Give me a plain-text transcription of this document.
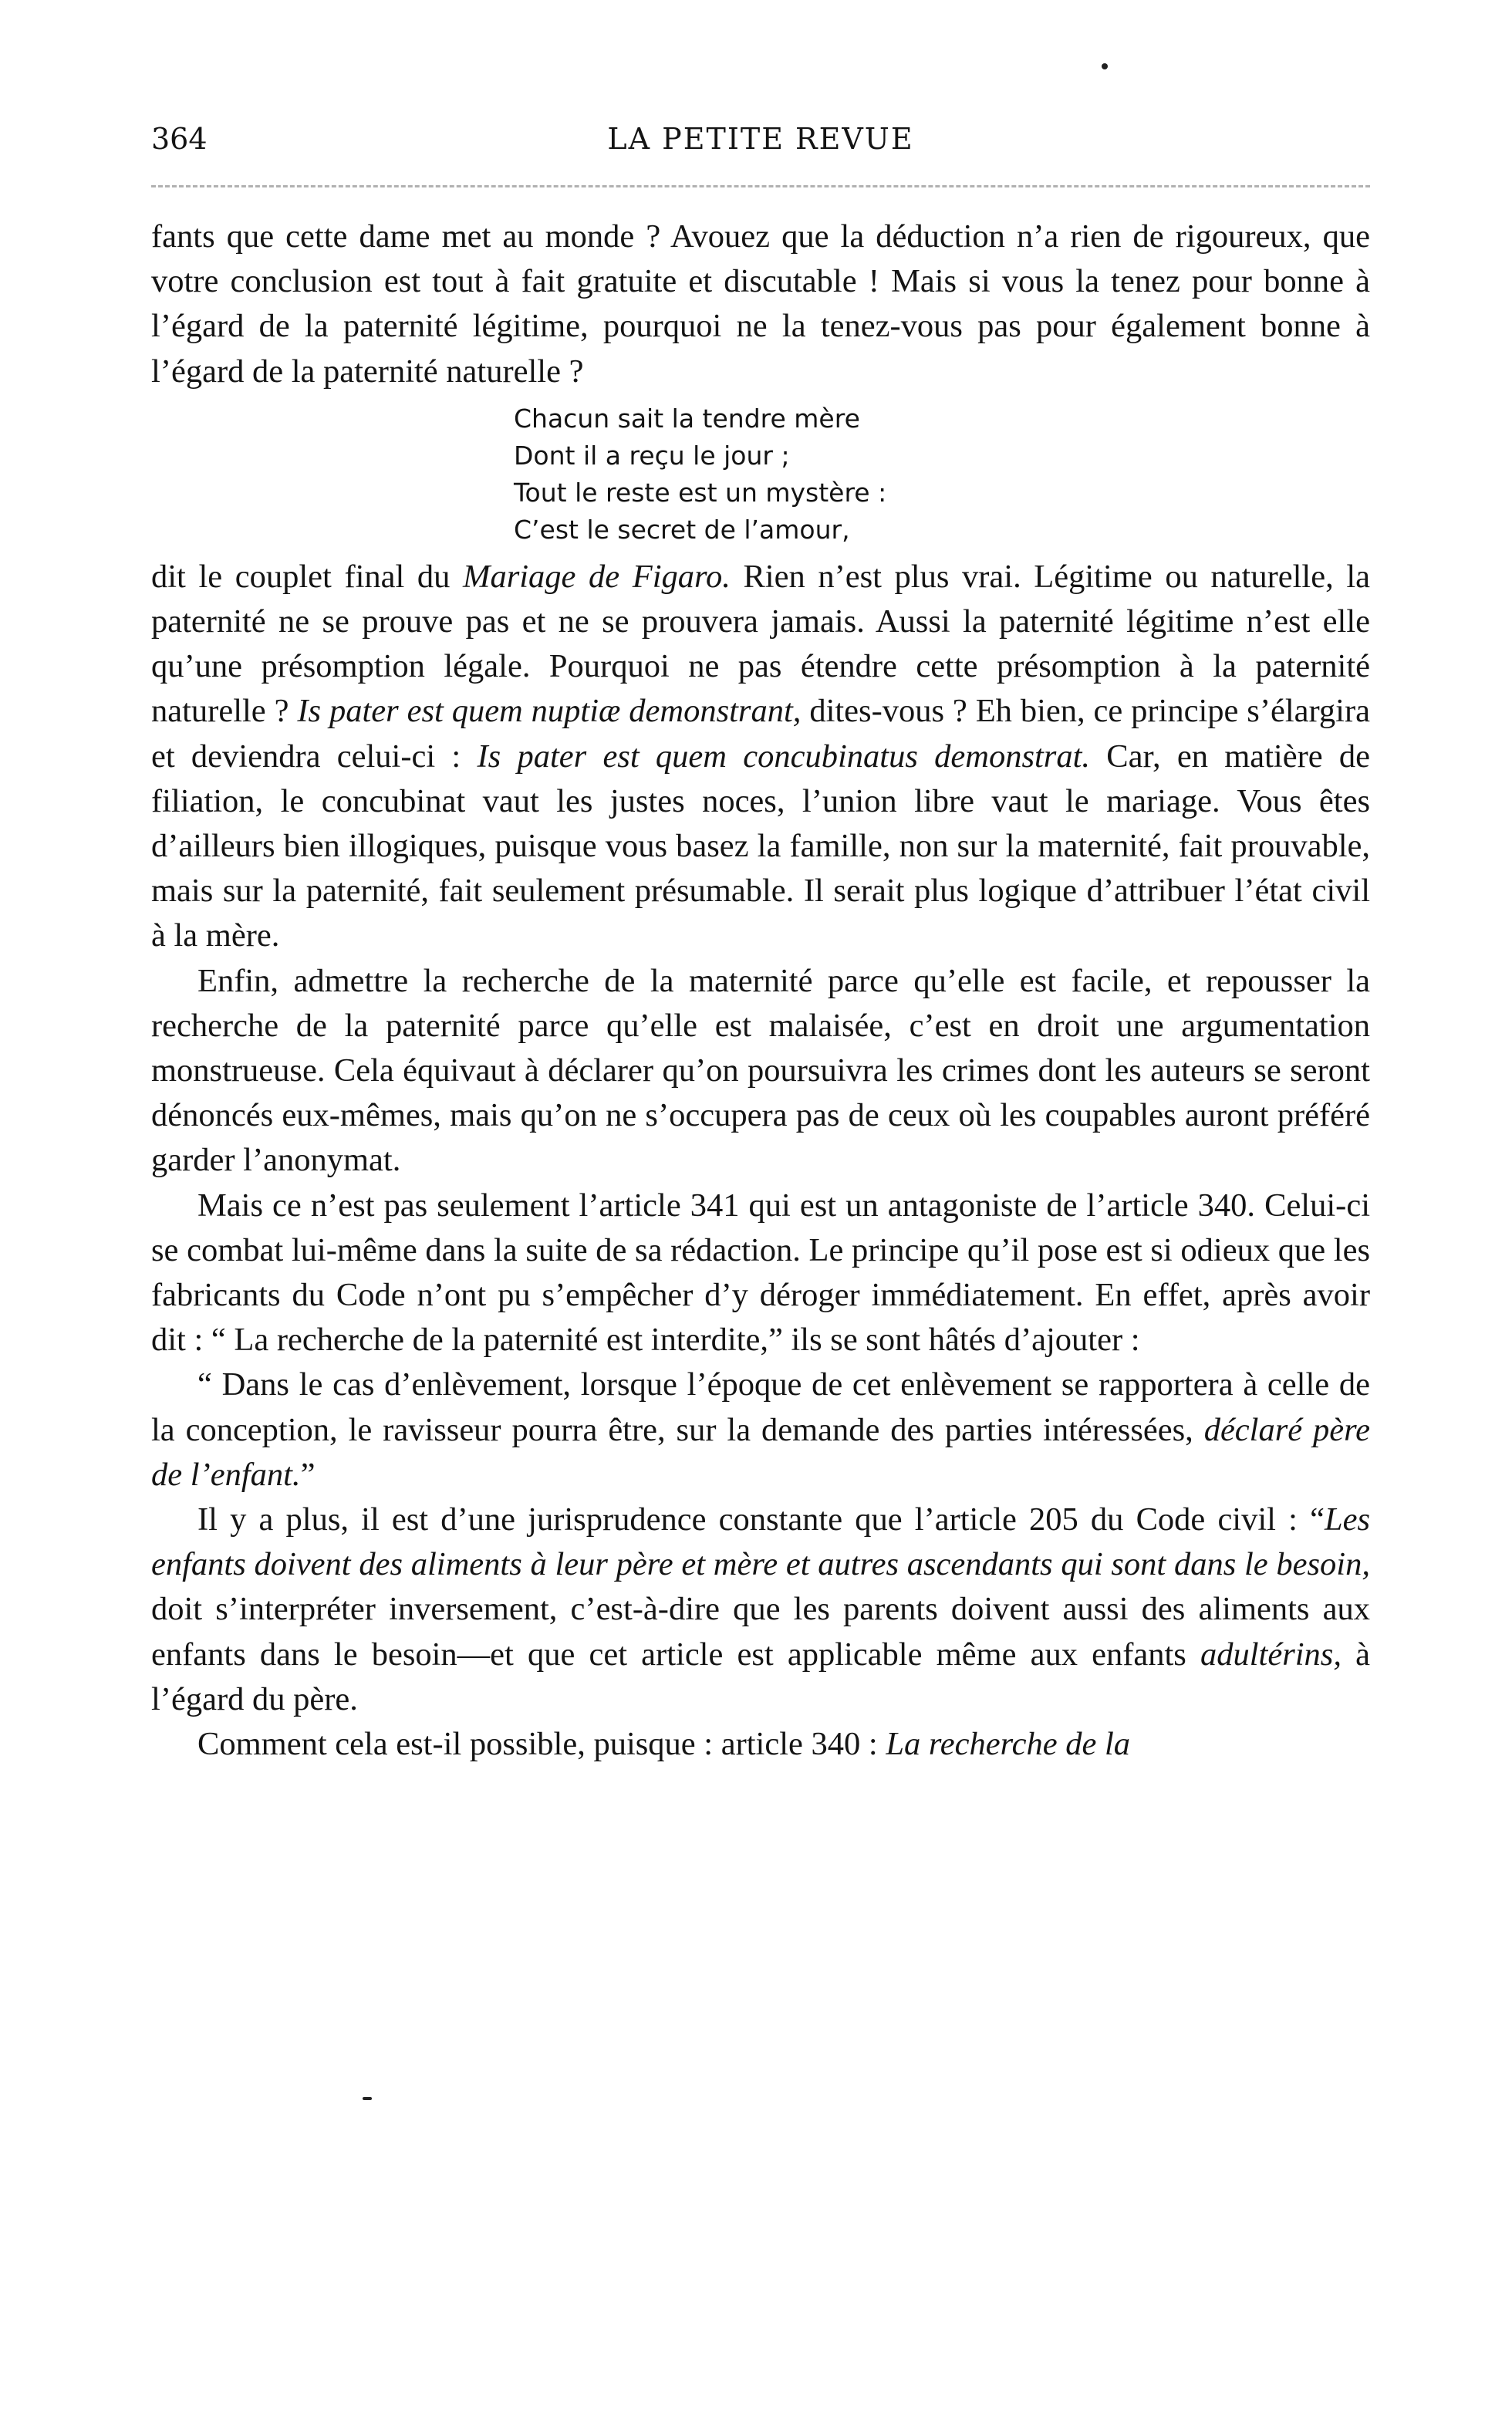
364	LA PETITE REVUE

fants que cette dame met au monde ? Avouez que la déduction n’a rien de rigoureux, que votre conclusion est tout à fait gratuite et discutable ! Mais si vous la tenez pour bonne à l’égard de la paternité légitime, pourquoi ne la tenez-vous pas pour également bonne à l’égard de la paternité naturelle ?

Chacun sait la tendre mère
Dont il a reçu le jour ;
Tout le reste est un mystère :
C’est le secret de l’amour,

dit le couplet final du Mariage de Figaro. Rien n’est plus vrai. Légitime ou naturelle, la paternité ne se prouve pas et ne se prouvera jamais. Aussi la paternité légitime n’est elle qu’une présomption légale. Pourquoi ne pas étendre cette présomption à la paternité naturelle ? Is pater est quem nuptiæ demonstrant, dites-vous ? Eh bien, ce principe s’élargira et deviendra celui-ci : Is pater est quem concubinatus demonstrat. Car, en matière de filiation, le concubinat vaut les justes noces, l’union libre vaut le mariage. Vous êtes d’ailleurs bien illogiques, puisque vous basez la famille, non sur la maternité, fait prouvable, mais sur la paternité, fait seulement présumable. Il serait plus logique d’attribuer l’état civil à la mère.

Enfin, admettre la recherche de la maternité parce qu’elle est facile, et repousser la recherche de la paternité parce qu’elle est malaisée, c’est en droit une argumentation monstrueuse. Cela équivaut à déclarer qu’on poursuivra les crimes dont les auteurs se seront dénoncés eux-mêmes, mais qu’on ne s’occupera pas de ceux où les coupables auront préféré garder l’anonymat.

Mais ce n’est pas seulement l’article 341 qui est un antagoniste de l’article 340. Celui-ci se combat lui-même dans la suite de sa rédaction. Le principe qu’il pose est si odieux que les fabricants du Code n’ont pu s’empêcher d’y déroger immédiatement. En effet, après avoir dit : “ La recherche de la paternité est interdite,” ils se sont hâtés d’ajouter :

“ Dans le cas d’enlèvement, lorsque l’époque de cet enlèvement se rapportera à celle de la conception, le ravisseur pourra être, sur la demande des parties intéressées, déclaré père de l’enfant.”

Il y a plus, il est d’une jurisprudence constante que l’article 205 du Code civil : “Les enfants doivent des aliments à leur père et mère et autres ascendants qui sont dans le besoin, doit s’interpréter inversement, c’est-à-dire que les parents doivent aussi des aliments aux enfants dans le besoin—et que cet article est applicable même aux enfants adultérins, à l’égard du père.

Comment cela est-il possible, puisque : article 340 : La recherche de la
